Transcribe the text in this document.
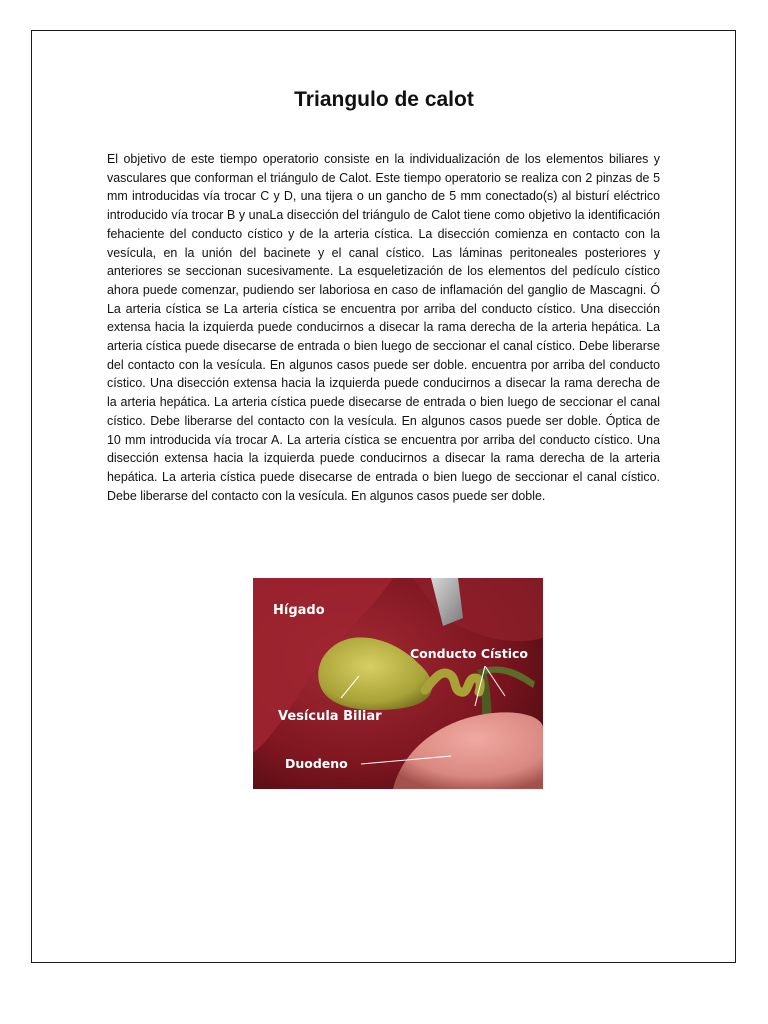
Triangulo de calot

El objetivo de este tiempo operatorio consiste en la individualización de los elementos biliares y vasculares que conforman el triángulo de Calot. Este tiempo operatorio se realiza con 2 pinzas de 5 mm introducidas vía trocar C y D, una tijera o un gancho de 5 mm conectado(s) al bisturí eléctrico introducido vía trocar B y unaLa disección del triángulo de Calot tiene como objetivo la identificación fehaciente del conducto cístico y de la arteria cística. La disección comienza en contacto con la vesícula, en la unión del bacinete y el canal cístico. Las láminas peritoneales posteriores y anteriores se seccionan sucesivamente. La esqueletización de los elementos del pedículo cístico ahora puede comenzar, pudiendo ser laboriosa en caso de inflamación del ganglio de Mascagni. Ó La arteria cística se La arteria cística se encuentra por arriba del conducto cístico. Una disección extensa hacia la izquierda puede conducirnos a disecar la rama derecha de la arteria hepática. La arteria cística puede disecarse de entrada o bien luego de seccionar el canal cístico. Debe liberarse del contacto con la vesícula. En algunos casos puede ser doble. encuentra por arriba del conducto cístico. Una disección extensa hacia la izquierda puede conducirnos a disecar la rama derecha de la arteria hepática. La arteria cística puede disecarse de entrada o bien luego de seccionar el canal cístico. Debe liberarse del contacto con la vesícula. En algunos casos puede ser doble. Óptica de 10 mm introducida vía trocar A. La arteria cística se encuentra por arriba del conducto cístico. Una disección extensa hacia la izquierda puede conducirnos a disecar la rama derecha de la arteria hepática. La arteria cística puede disecarse de entrada o bien luego de seccionar el canal cístico. Debe liberarse del contacto con la vesícula. En algunos casos puede ser doble.

Hígado
Conducto Cístico
Vesícula Biliar
Duodeno
